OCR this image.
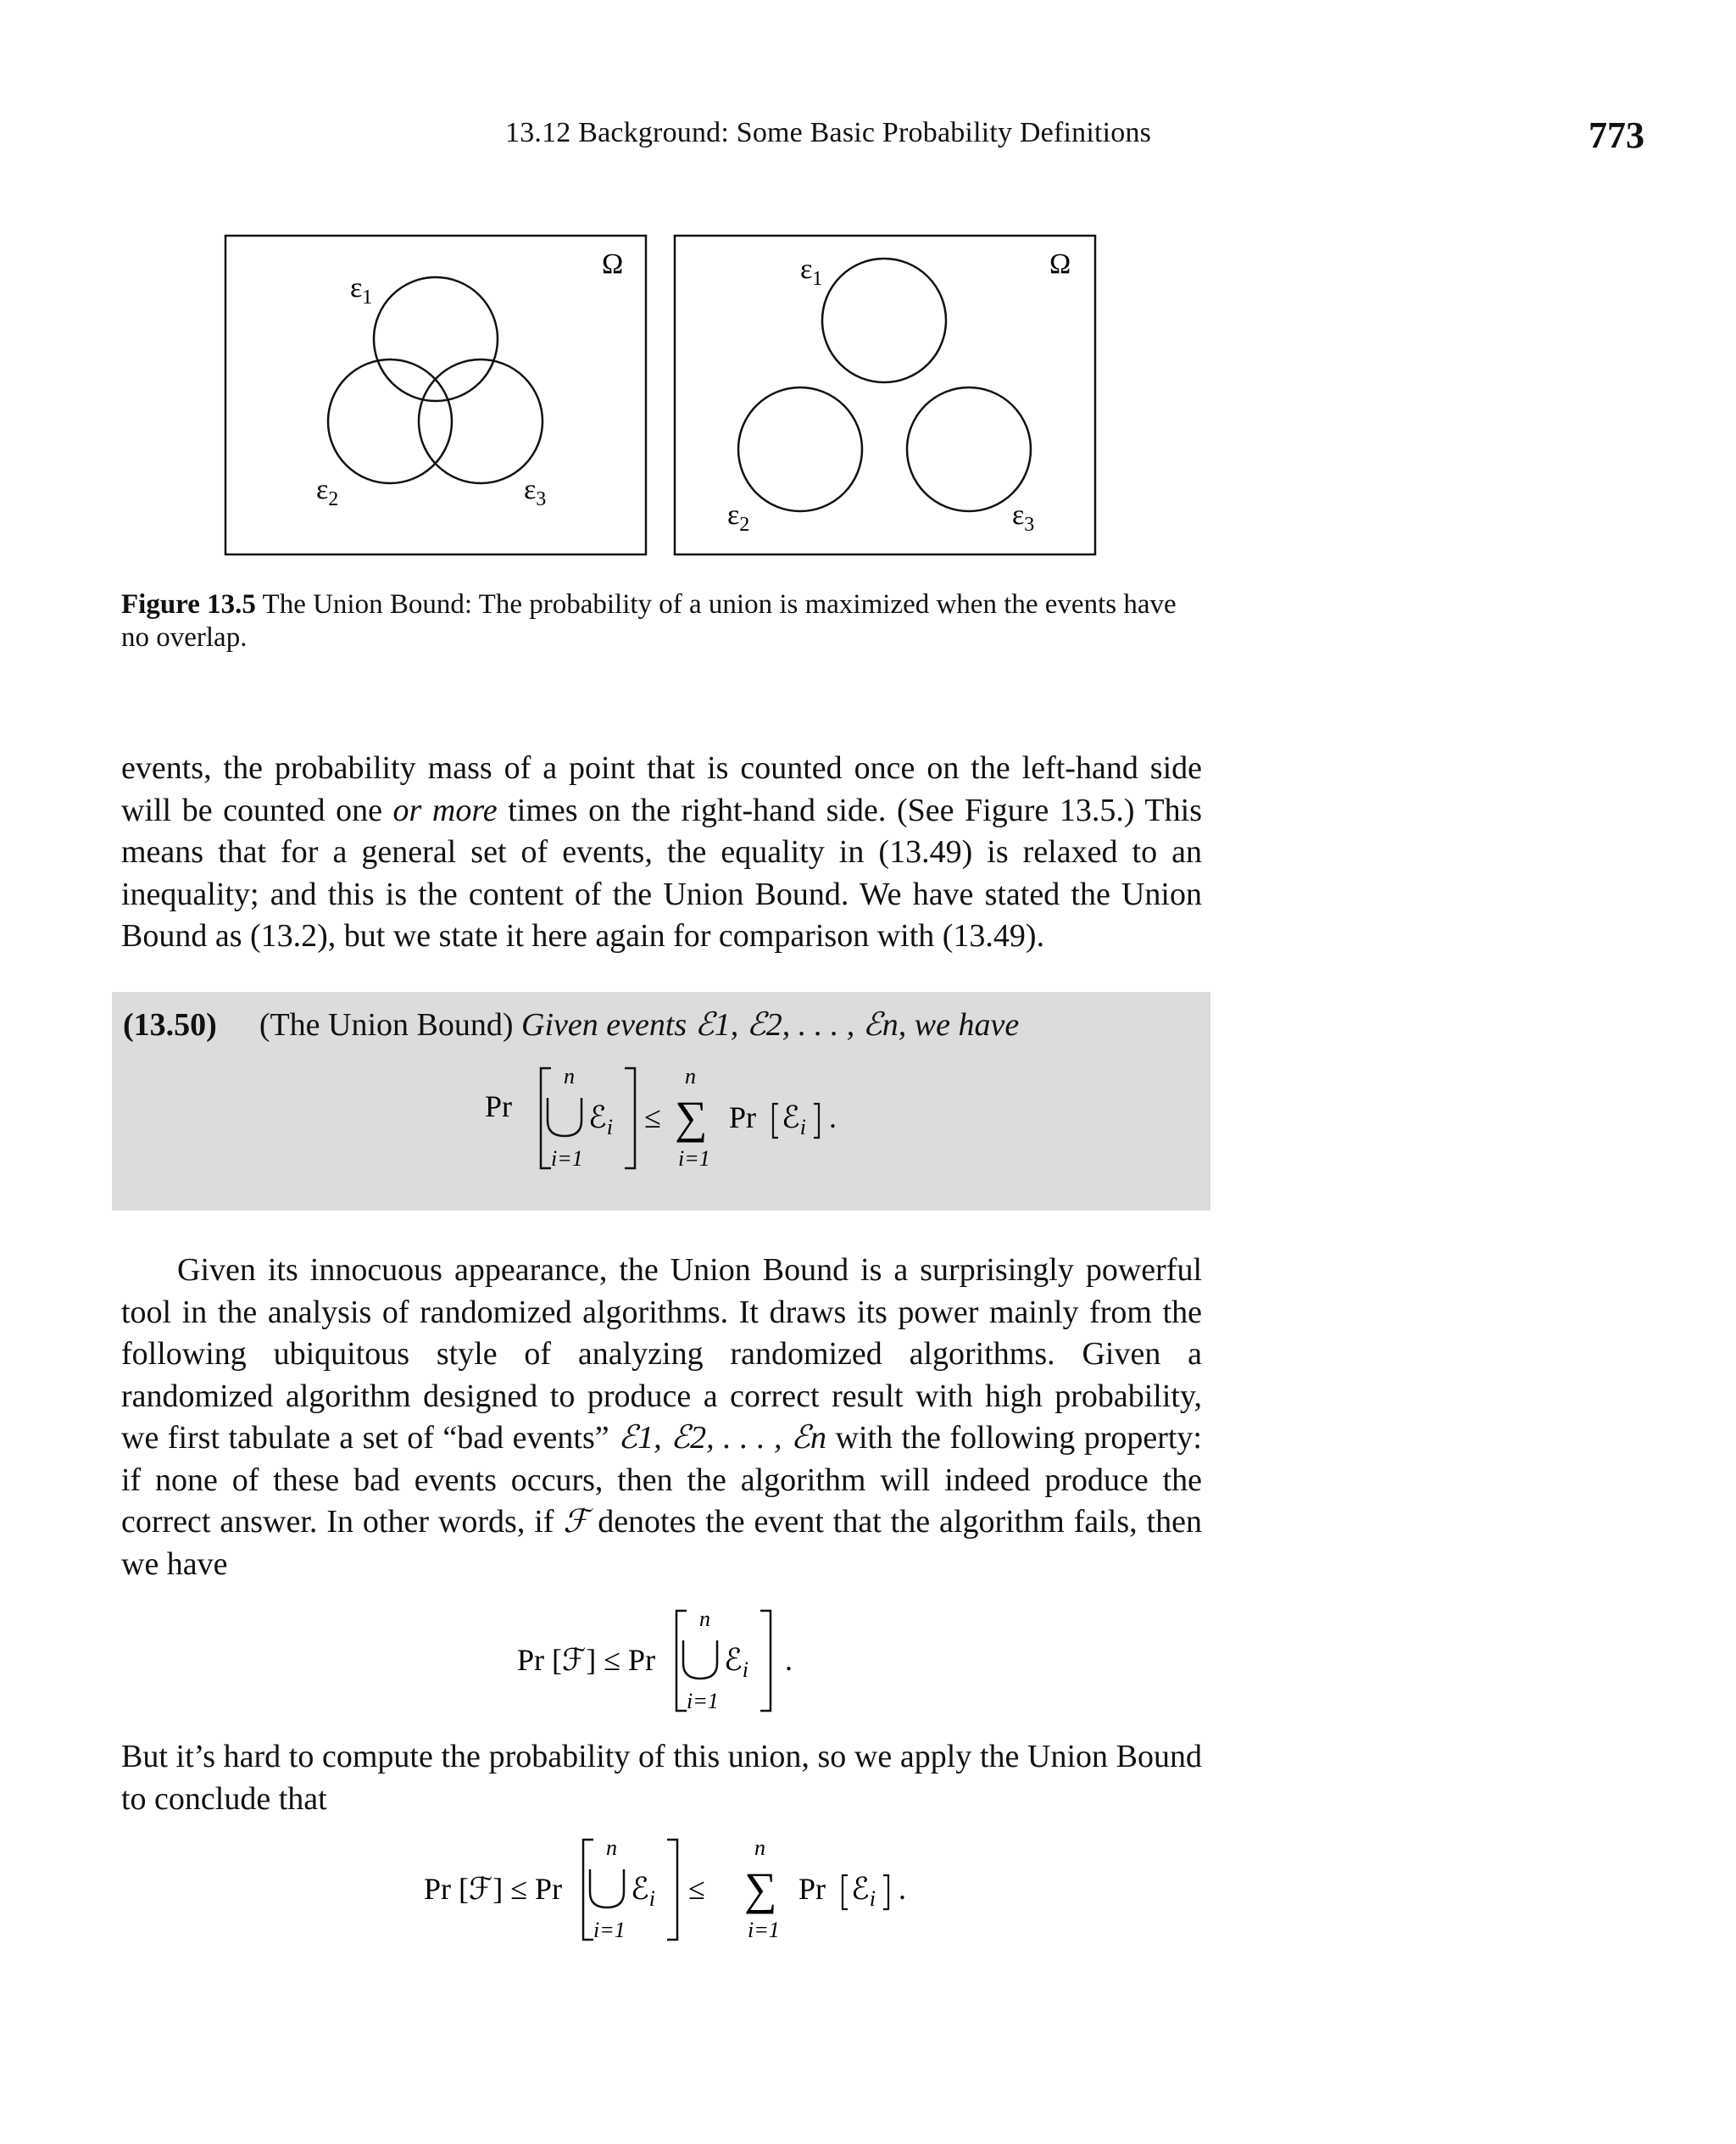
13.12 Background: Some Basic Probability Definitions	773
Ω
$\varepsilon_1$
$\varepsilon_2$	$\varepsilon_3$
Ω
$\varepsilon_1$
$\varepsilon_2$	$\varepsilon_3$
Figure 13.5 The Union Bound: The probability of a union is maximized when the events have no overlap.

events, the probability mass of a point that is counted once on the left-hand side will be counted one or more times on the right-hand side. (See Figure 13.5.) This means that for a general set of events, the equality in (13.49) is relaxed to an inequality; and this is the content of the Union Bound. We have stated the Union Bound as (13.2), but we state it here again for comparison with (13.49).

(13.50) (The Union Bound) Given events ℰ1, ℰ2, . . . , ℰn, we have
Pr
n
i=1
ℰ$_i$ ≤
n
∑
i=1
Pr ℰ$_i$ .

Given its innocuous appearance, the Union Bound is a surprisingly powerful tool in the analysis of randomized algorithms. It draws its power mainly from the following ubiquitous style of analyzing randomized algorithms. Given a randomized algorithm designed to produce a correct result with high probability, we first tabulate a set of “bad events” ℰ1, ℰ2, . . . , ℰn with the following property: if none of these bad events occurs, then the algorithm will indeed produce the correct answer. In other words, if ℱ denotes the event that the algorithm fails, then we have

Pr [ℱ] ≤ Pr
n
i=1
ℰ$_i$ .

But it’s hard to compute the probability of this union, so we apply the Union Bound to conclude that

Pr [ℱ] ≤ Pr
n
i=1
ℰ$_i$ ≤
n
∑
i=1
Pr ℰ$_i$ .
